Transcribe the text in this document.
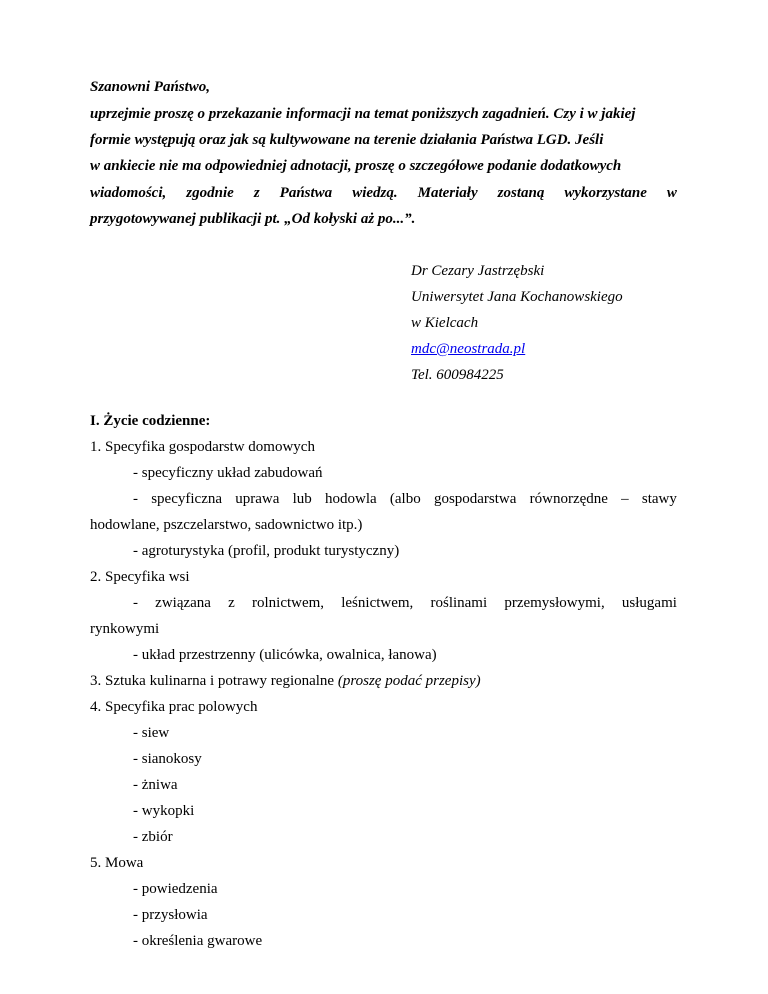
Szanowni Państwo,
uprzejmie proszę o przekazanie informacji na temat poniższych zagadnień. Czy i w jakiej
formie występują oraz jak są kultywowane na terenie działania Państwa LGD. Jeśli
w ankiecie nie ma odpowiedniej adnotacji, proszę o szczegółowe podanie dodatkowych
wiadomości, zgodnie z Państwa wiedzą. Materiały zostaną wykorzystane w
przygotowywanej publikacji pt. „Od kołyski aż po...”.
Dr Cezary Jastrzębski
Uniwersytet Jana Kochanowskiego
w Kielcach
mdc@neostrada.pl
Tel. 600984225
I. Życie codzienne:
1. Specyfika gospodarstw domowych
- specyficzny układ zabudowań
- specyficzna uprawa lub hodowla (albo gospodarstwa równorzędne – stawy
hodowlane, pszczelarstwo, sadownictwo itp.)
- agroturystyka (profil, produkt turystyczny)
2. Specyfika wsi
- związana z rolnictwem, leśnictwem, roślinami przemysłowymi, usługami
rynkowymi
- układ przestrzenny (ulicówka, owalnica, łanowa)
3. Sztuka kulinarna i potrawy regionalne (proszę podać przepisy)
4. Specyfika prac polowych
- siew
- sianokosy
- żniwa
- wykopki
- zbiór
5. Mowa
- powiedzenia
- przysłowia
- określenia gwarowe
